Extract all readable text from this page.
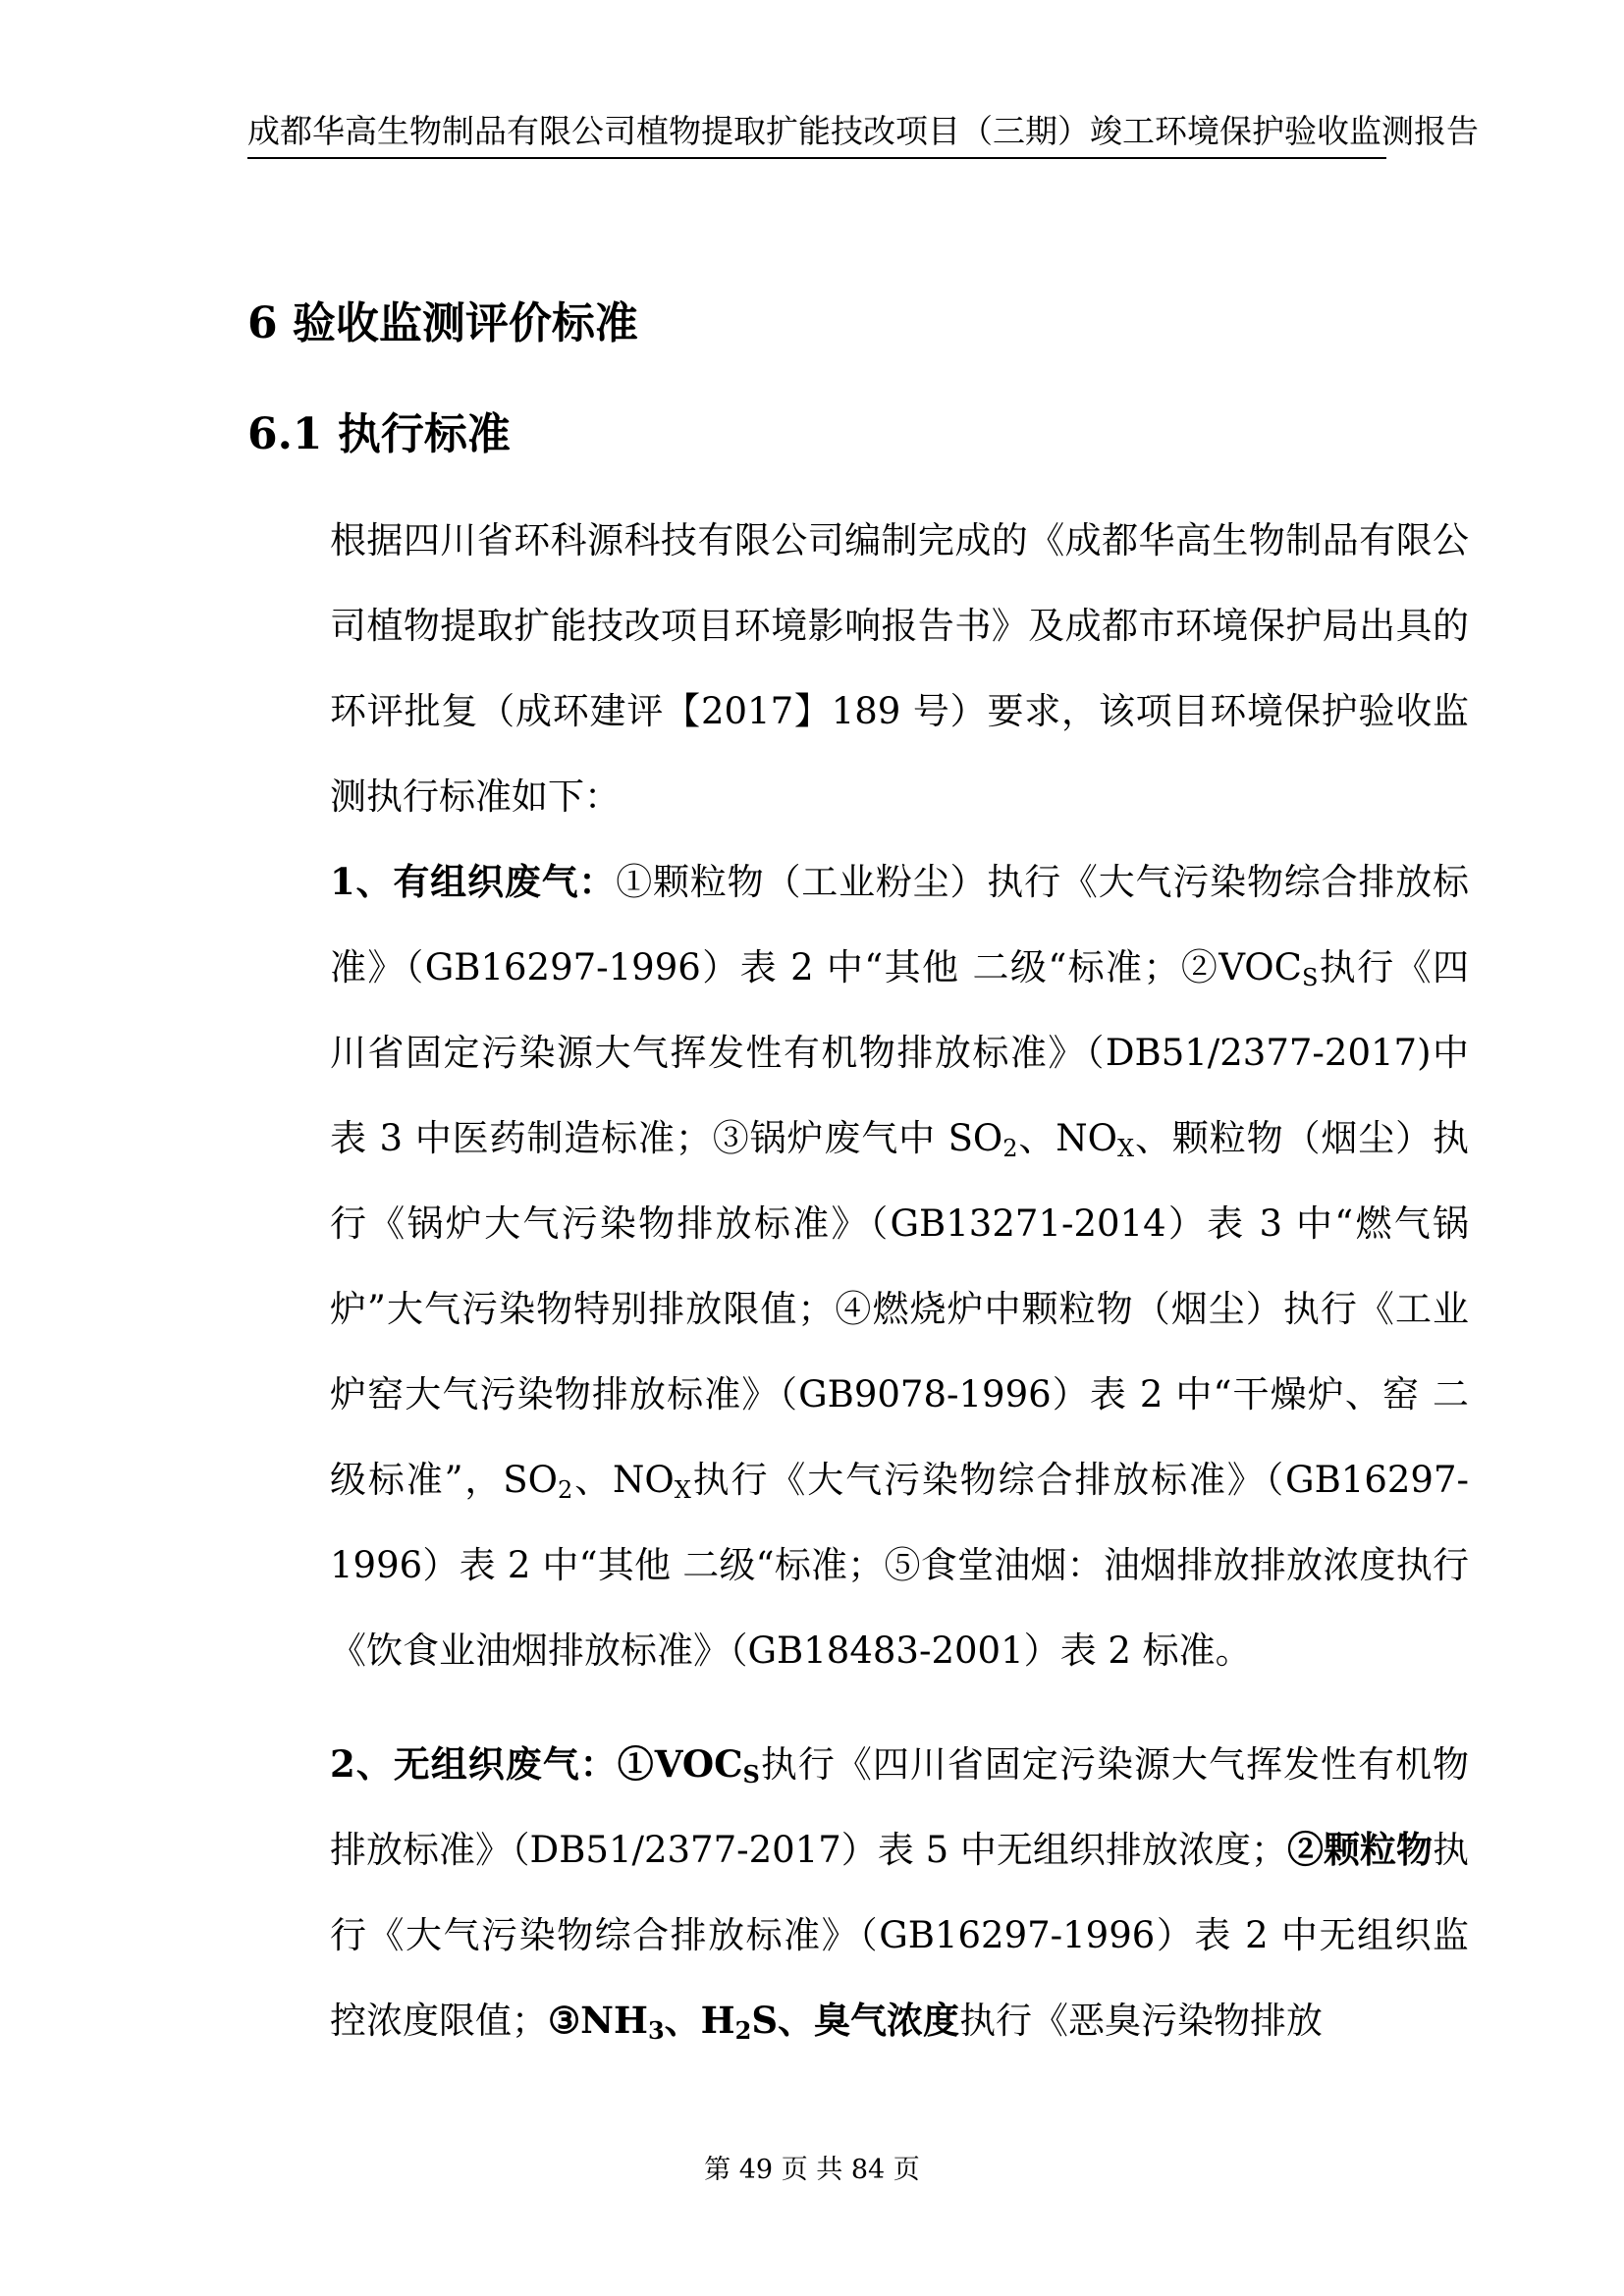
成都华高生物制品有限公司植物提取扩能技改项目（三期）竣工环境保护验收监测报告
6 验收监测评价标准
6.1 执行标准
根据四川省环科源科技有限公司编制完成的《成都华高生物制品有限公司植物提取扩能技改项目环境影响报告书》及成都市环境保护局出具的环评批复（成环建评【2017】189 号）要求，该项目环境保护验收监测执行标准如下：
1、有组织废气：①颗粒物（工业粉尘）执行《大气污染物综合排放标准》（GB16297-1996）表 2 中“其他 二级“标准；$②VOC_S$执行《四川省固定污染源大气挥发性有机物排放标准》（DB51/2377-2017)中表 3 中医药制造标准；③锅炉废气中 $SO_2$、$NO_X$、颗粒物（烟尘）执行《锅炉大气污染物排放标准》（GB13271-2014）表 3 中“燃气锅炉”大气污染物特别排放限值；④燃烧炉中颗粒物（烟尘）执行《工业炉窑大气污染物排放标准》（GB9078-1996）表 2 中“干燥炉、窑 二级标准”，$SO_2$、$NO_X$执行《大气污染物综合排放标准》（GB16297-1996）表 2 中“其他 二级“标准；⑤食堂油烟：油烟排放排放浓度执行《饮食业油烟排放标准》（GB18483-2001）表 2 标准。
2、无组织废气：$①VOC_S$执行《四川省固定污染源大气挥发性有机物排放标准》（DB51/2377-2017）表 5 中无组织排放浓度；②颗粒物执行《大气污染物综合排放标准》（GB16297-1996）表 2 中无组织监控浓度限值；$③NH_3$、$H_2S$、臭气浓度执行《恶臭污染物排放
第 49 页 共 84 页
